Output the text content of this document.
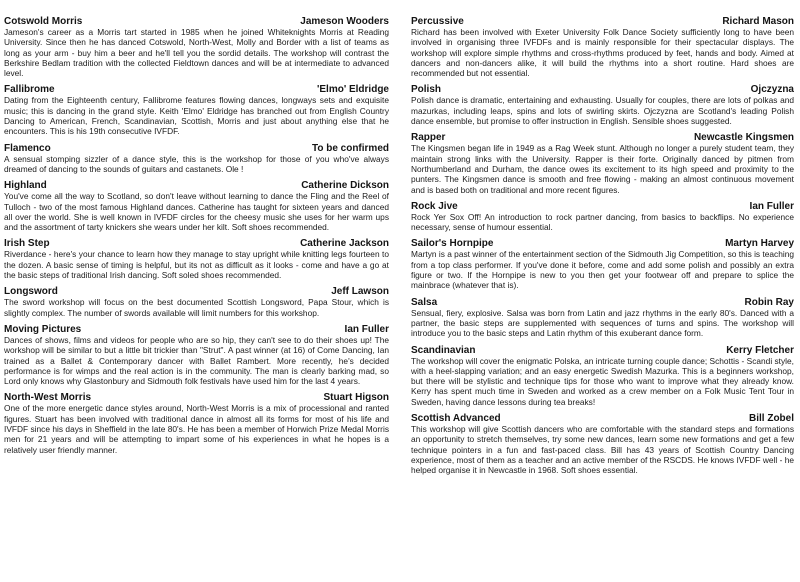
Cotswold Morris	Jameson Wooders

Jameson's career as a Morris tart started in 1985 when he joined Whiteknights Morris at Reading University. Since then he has danced Cotswold, North-West, Molly and Border with a list of teams as long as your arm - buy him a beer and he'll tell you the sordid details. The workshop will contrast the Berkshire Bedlam tradition with the collected Fieldtown dances and will be at intermediate to advanced level.

Fallibrome	'Elmo' Eldridge

Dating from the Eighteenth century, Fallibrome features flowing dances, longways sets and exquisite music; this is dancing in the grand style. Keith 'Elmo' Eldridge has branched out from English Country Dancing to American, French, Scandinavian, Scottish, Morris and just about anything else that he encounters. This is his 19th consecutive IVFDF.

Flamenco	To be confirmed

A sensual stomping sizzler of a dance style, this is the workshop for those of you who've always dreamed of dancing to the sounds of guitars and castanets. Ole !

Highland	Catherine Dickson

You've come all the way to Scotland, so don't leave without learning to dance the Fling and the Reel of Tulloch - two of the most famous Highland dances. Catherine has taught for sixteen years and danced all over the world. She is well known in IVFDF circles for the cheesy music she uses for her warm ups and the assortment of tarty knickers she wears under her kilt. Soft shoes recommended.

Irish Step	Catherine Jackson

Riverdance - here's your chance to learn how they manage to stay upright while knitting legs fourteen to the dozen. A basic sense of timing is helpful, but its not as difficult as it looks - come and have a go at the basic steps of traditional Irish dancing. Soft soled shoes recommended.

Longsword	Jeff Lawson

The sword workshop will focus on the best documented Scottish Longsword, Papa Stour, which is slightly complex. The number of swords available will limit numbers for this workshop.

Moving Pictures	Ian Fuller

Dances of shows, films and videos for people who are so hip, they can't see to do their shoes up! The workshop will be similar to but a little bit trickier than "Strut". A past winner (at 16) of Come Dancing, Ian trained as a Ballet & Contemporary dancer with Ballet Rambert. More recently, he's decided performance is for wimps and the real action is in the community. The man is clearly barking mad, so Lord only knows why Glastonbury and Sidmouth folk festivals have used him for the last 4 years.

North-West Morris	Stuart Higson

One of the more energetic dance styles around, North-West Morris is a mix of processional and ranted figures. Stuart has been involved with traditional dance in almost all its forms for most of his life and IVFDF since his days in Sheffield in the late 80's. He has been a member of Horwich Prize Medal Morris men for 21 years and will be attempting to impart some of his experiences in what he hopes is a relatively user friendly manner.

Percussive	Richard Mason

Richard has been involved with Exeter University Folk Dance Society sufficiently long to have been involved in organising three IVFDFs and is mainly responsible for their spectacular displays. The workshop will explore simple rhythms and cross-rhythms produced by feet, hands and body. Aimed at dancers and non-dancers alike, it will build the rhythms into a short routine. Hard shoes are recommended but not essential.

Polish	Ojczyzna

Polish dance is dramatic, entertaining and exhausting. Usually for couples, there are lots of polkas and mazurkas, including leaps, spins and lots of swirling skirts. Ojczyzna are Scotland's leading Polish dance ensemble, but promise to offer instruction in English. Sensible shoes suggested.

Rapper	Newcastle Kingsmen

The Kingsmen began life in 1949 as a Rag Week stunt. Although no longer a purely student team, they maintain strong links with the University. Rapper is their forte. Originally danced by pitmen from Northumberland and Durham, the dance owes its excitement to its high speed and proximity to the punters. The Kingsmen dance is smooth and free flowing - making an almost continuous movement and is based both on traditional and more recent figures.

Rock Jive	Ian Fuller

Rock Yer Sox Off! An introduction to rock partner dancing, from basics to backflips. No experience necessary, sense of humour essential.

Sailor's Hornpipe	Martyn Harvey

Martyn is a past winner of the entertainment section of the Sidmouth Jig Competition, so this is teaching from a top class performer. If you've done it before, come and add some polish and possibly an extra figure or two. If the Hornpipe is new to you then get your footwear off and prepare to splice the mainbrace (whatever that is).

Salsa	Robin Ray

Sensual, fiery, explosive. Salsa was born from Latin and jazz rhythms in the early 80's. Danced with a partner, the basic steps are supplemented with sequences of turns and spins. The workshop will introduce you to the basic steps and Latin rhythm of this exuberant dance form.

Scandinavian	Kerry Fletcher

The workshop will cover the enigmatic Polska, an intricate turning couple dance; Schottis - Scandi style, with a heel-slapping variation; and an easy energetic Swedish Mazurka. This is a beginners workshop, but there will be stylistic and technique tips for those who want to improve what they already know. Kerry has spent much time in Sweden and worked as a crew member on a Folk Music Tent Tour in Sweden, having dance lessons during tea breaks!

Scottish Advanced	Bill Zobel

This workshop will give Scottish dancers who are comfortable with the standard steps and formations an opportunity to stretch themselves, try some new dances, learn some new formations and get a few technique pointers in a fun and fast-paced class. Bill has 43 years of Scottish Country Dancing experience, most of them as a teacher and an active member of the RSCDS. He knows IVFDF well - he helped organise it in Newcastle in 1968. Soft shoes essential.
